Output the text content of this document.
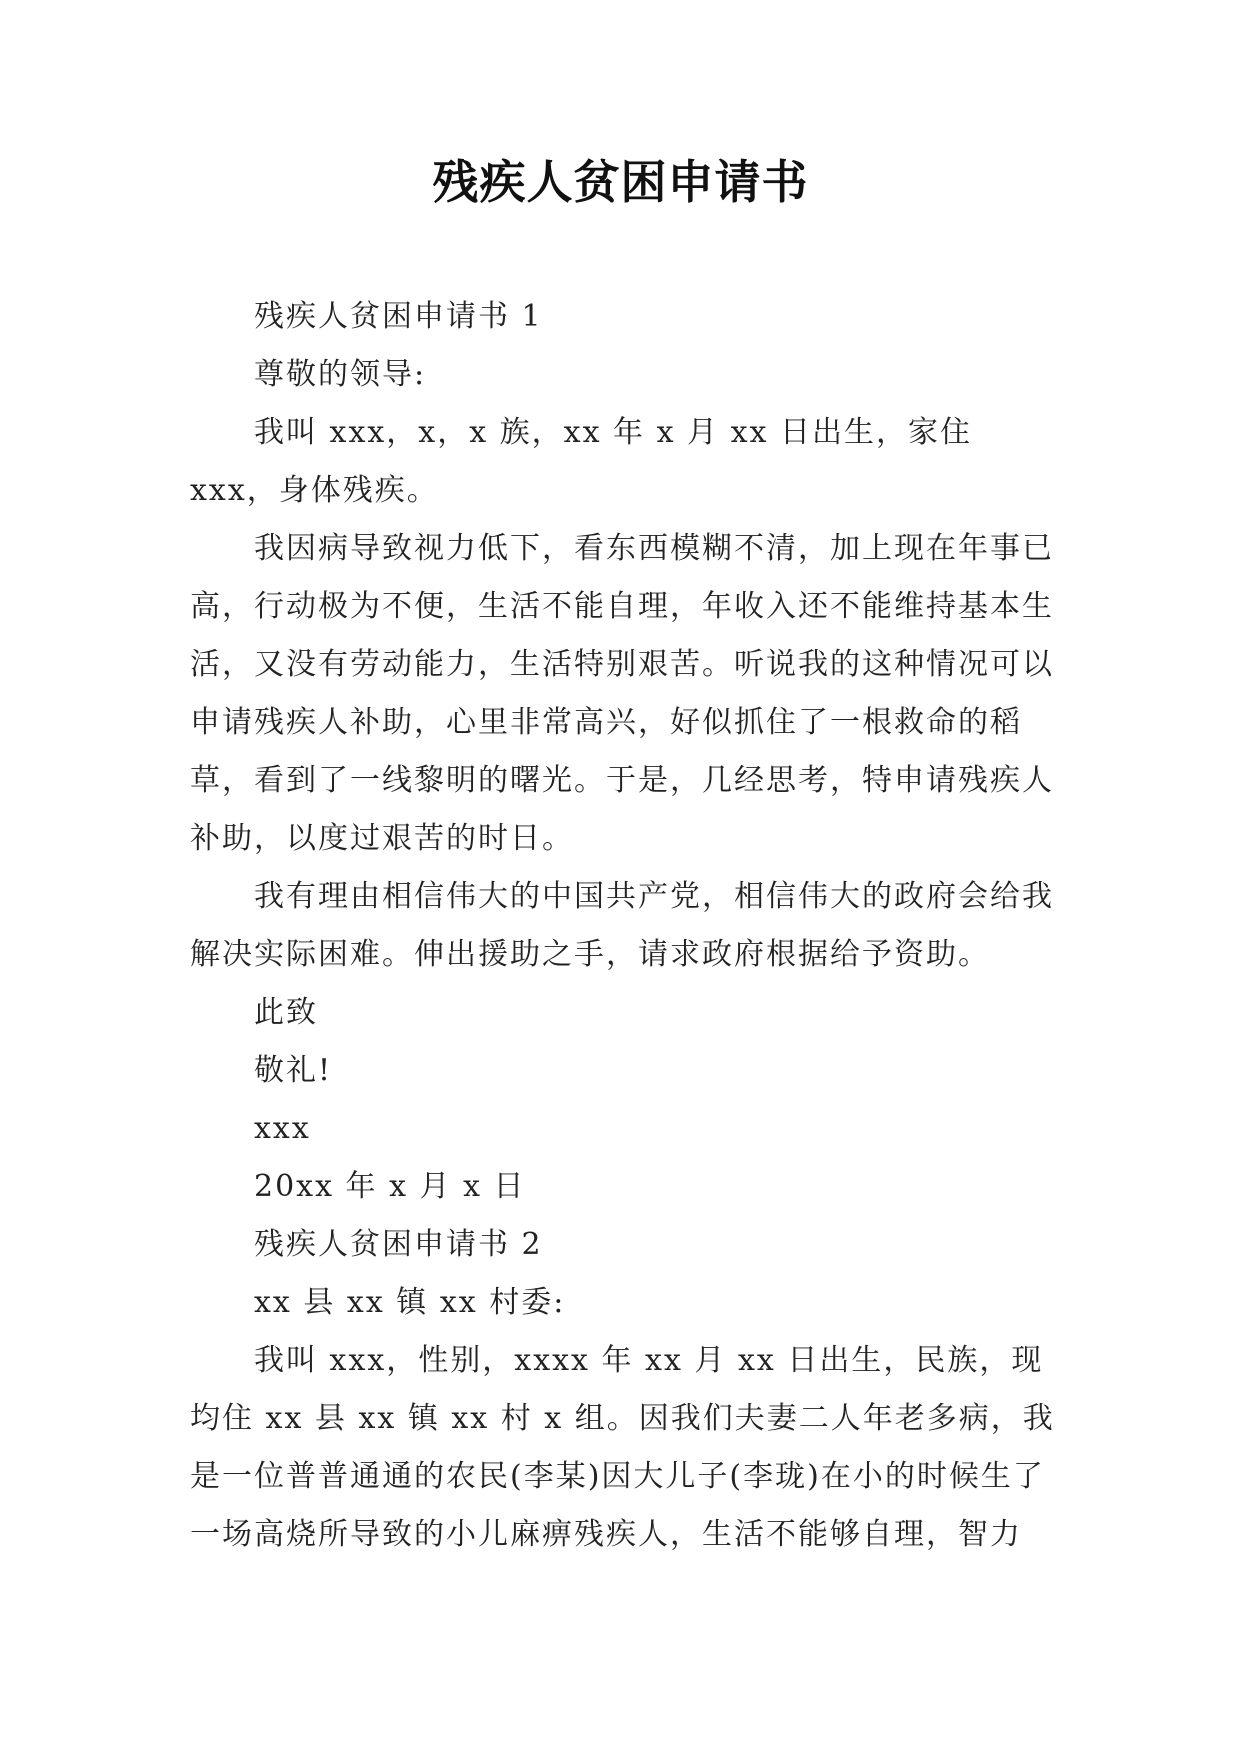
残疾人贫困申请书

残疾人贫困申请书 1

尊敬的领导:

我叫 xxx，x，x 族，xx 年 x 月 xx 日出生，家住 xxx，身体残疾。

我因病导致视力低下，看东西模糊不清，加上现在年事已高，行动极为不便，生活不能自理，年收入还不能维持基本生活，又没有劳动能力，生活特别艰苦。听说我的这种情况可以申请残疾人补助，心里非常高兴，好似抓住了一根救命的稻草，看到了一线黎明的曙光。于是，几经思考，特申请残疾人补助，以度过艰苦的时日。

我有理由相信伟大的中国共产党，相信伟大的政府会给我解决实际困难。伸出援助之手，请求政府根据给予资助。

此致

敬礼!

xxx

20xx 年 x 月 x 日

残疾人贫困申请书 2

xx 县 xx 镇 xx 村委:

我叫 xxx，性别，xxxx 年 xx 月 xx 日出生，民族，现均住 xx 县 xx 镇 xx 村 x 组。因我们夫妻二人年老多病，我是一位普普通通的农民(李某)因大儿子(李珑)在小的时候生了一场高烧所导致的小儿麻痹残疾人，生活不能够自理，智力
